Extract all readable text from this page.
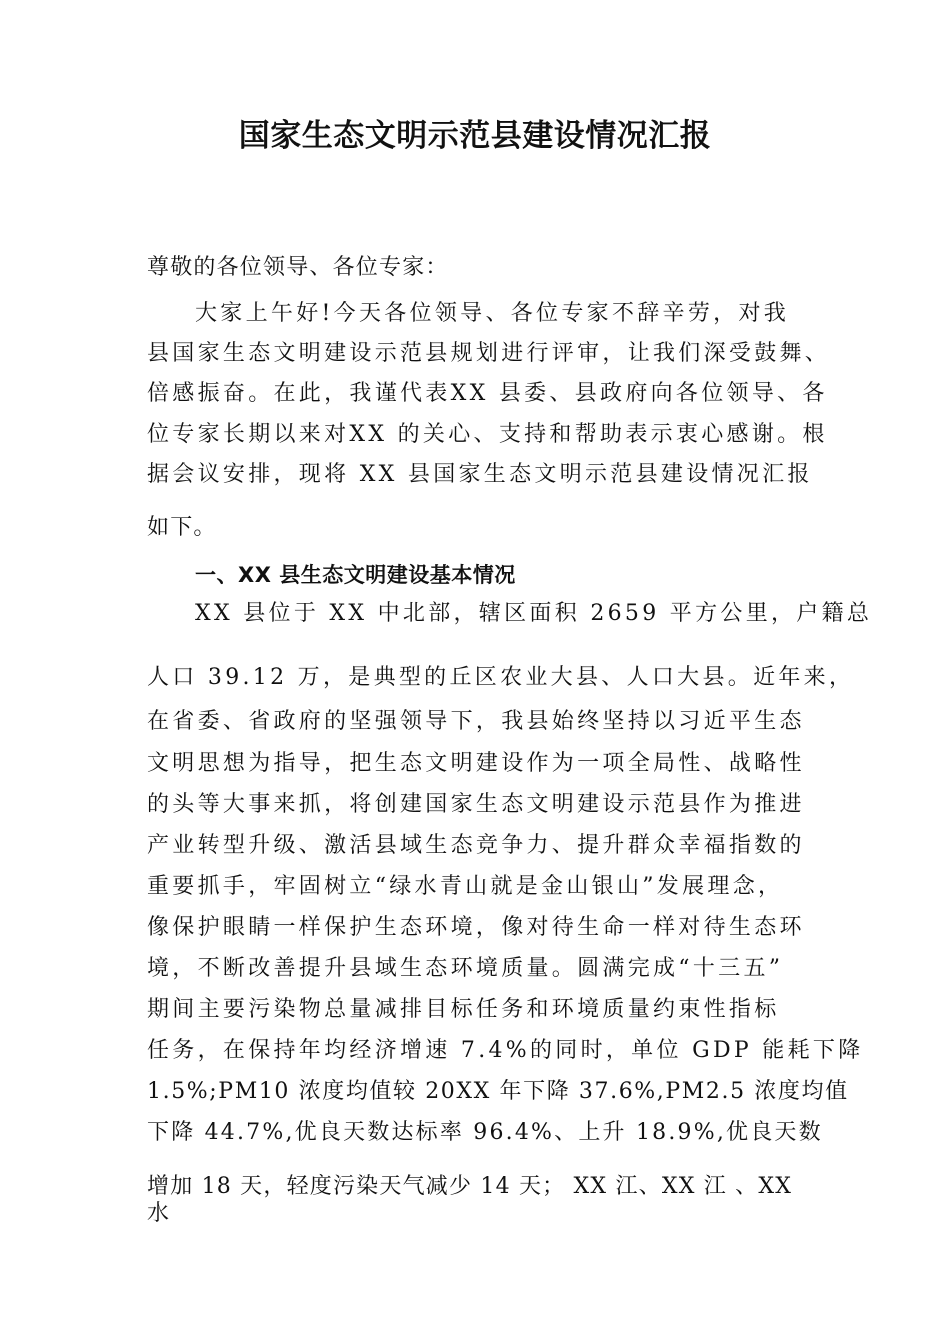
国家生态文明示范县建设情况汇报
尊敬的各位领导、各位专家：
大家上午好!今天各位领导、各位专家不辞辛劳，对我
县国家生态文明建设示范县规划进行评审，让我们深受鼓舞、
倍感振奋。在此，我谨代表XX 县委、县政府向各位领导、各
位专家长期以来对XX 的关心、支持和帮助表示衷心感谢。根
据会议安排，现将 XX 县国家生态文明示范县建设情况汇报
如下。
一、XX 县生态文明建设基本情况
XX 县位于 XX 中北部，辖区面积 2659 平方公里，户籍总
人口 39.12 万，是典型的丘区农业大县、人口大县。近年来，
在省委、省政府的坚强领导下，我县始终坚持以习近平生态
文明思想为指导，把生态文明建设作为一项全局性、战略性
的头等大事来抓，将创建国家生态文明建设示范县作为推进
产业转型升级、激活县域生态竞争力、提升群众幸福指数的
重要抓手，牢固树立“绿水青山就是金山银山”发展理念，
像保护眼睛一样保护生态环境，像对待生命一样对待生态环
境，不断改善提升县域生态环境质量。圆满完成“十三五”
期间主要污染物总量减排目标任务和环境质量约束性指标
任务，在保持年均经济增速 7.4%的同时，单位 GDP 能耗下降
1.5%;PM10 浓度均值较 20XX 年下降 37.6%,PM2.5 浓度均值
下降 44.7%,优良天数达标率 96.4%、上升 18.9%,优良天数
增加 18 天，轻度污染天气减少 14 天； XX 江、XX 江 、XX
水
